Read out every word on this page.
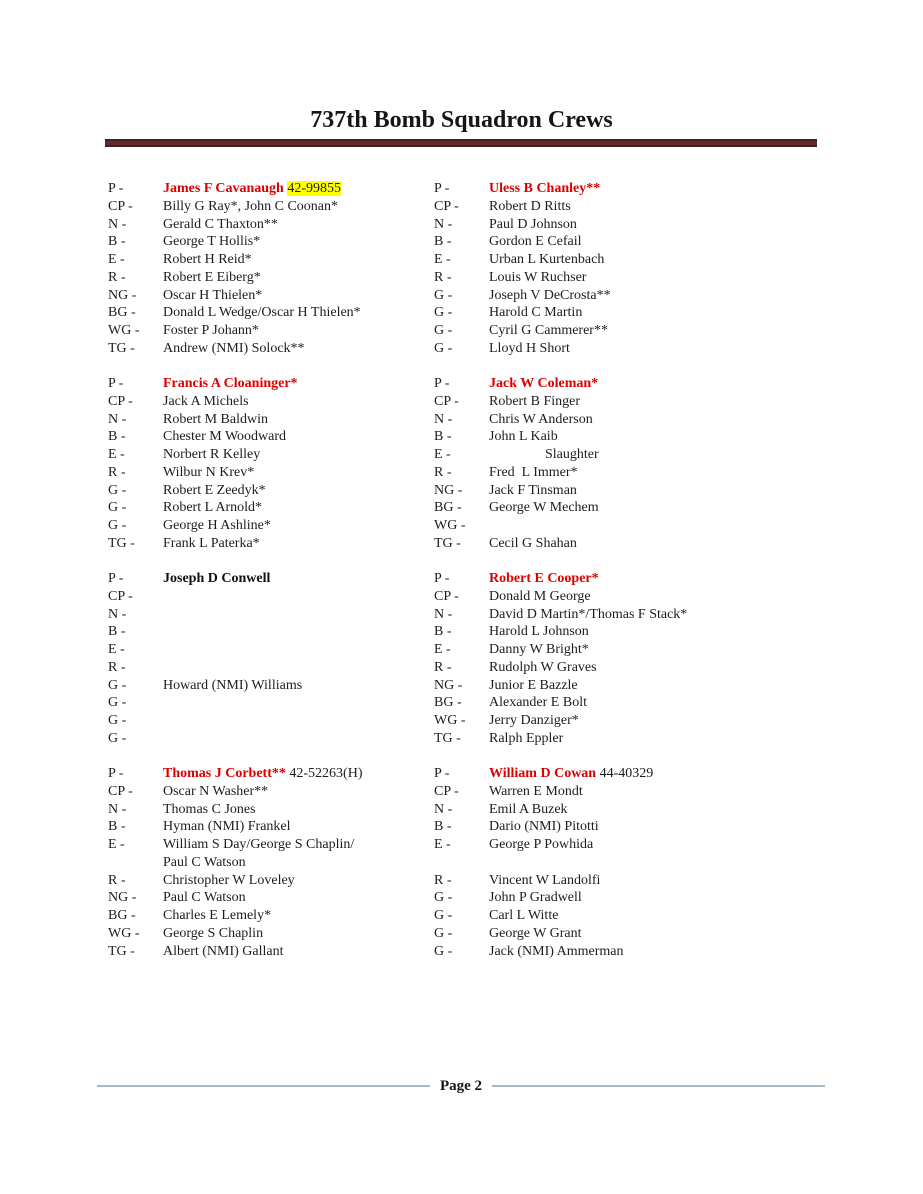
737th Bomb Squadron Crews
P -	James F Cavanaugh 42-99855
CP -	Billy G Ray*, John C Coonan*
N -	Gerald C Thaxton**
B -	George T Hollis*
E -	Robert H Reid*
R -	Robert E Eiberg*
NG -	Oscar H Thielen*
BG -	Donald L Wedge/Oscar H Thielen*
WG -	Foster P Johann*
TG -	Andrew (NMI) Solock**
P -	Uless B Chanley**
CP -	Robert D Ritts
N -	Paul D Johnson
B -	Gordon E Cefail
E -	Urban L Kurtenbach
R -	Louis W Ruchser
G -	Joseph V DeCrosta**
G -	Harold C Martin
G -	Cyril G Cammerer**
G -	Lloyd H Short
P -	Francis A Cloaninger*
CP -	Jack A Michels
N -	Robert M Baldwin
B -	Chester M Woodward
E -	Norbert R Kelley
R -	Wilbur N Krev*
G -	Robert E Zeedyk*
G -	Robert L Arnold*
G -	George H Ashline*
TG -	Frank L Paterka*
P -	Jack W Coleman*
CP -	Robert B Finger
N -	Chris W Anderson
B -	John L Kaib
E -	Slaughter
R -	Fred  L Immer*
NG -	Jack F Tinsman
BG -	George W Mechem
WG -
TG -	Cecil G Shahan
P -	Joseph D Conwell
CP -
N -
B -
E -
R -
G -	Howard (NMI) Williams
G -
G -
G -
P -	Robert E Cooper*
CP -	Donald M George
N -	David D Martin*/Thomas F Stack*
B -	Harold L Johnson
E -	Danny W Bright*
R -	Rudolph W Graves
NG -	Junior E Bazzle
BG -	Alexander E Bolt
WG -	Jerry Danziger*
TG -	Ralph Eppler
P -	Thomas J Corbett** 42-52263(H)
CP -	Oscar N Washer**
N -	Thomas C Jones
B -	Hyman (NMI) Frankel
E -	William S Day/George S Chaplin/
Paul C Watson
R -	Christopher W Loveley
NG -	Paul C Watson
BG -	Charles E Lemely*
WG -	George S Chaplin
TG -	Albert (NMI) Gallant
P -	William D Cowan 44-40329
CP -	Warren E Mondt
N -	Emil A Buzek
B -	Dario (NMI) Pitotti
E -	George P Powhida
R -	Vincent W Landolfi
G -	John P Gradwell
G -	Carl L Witte
G -	George W Grant
G -	Jack (NMI) Ammerman
Page 2
